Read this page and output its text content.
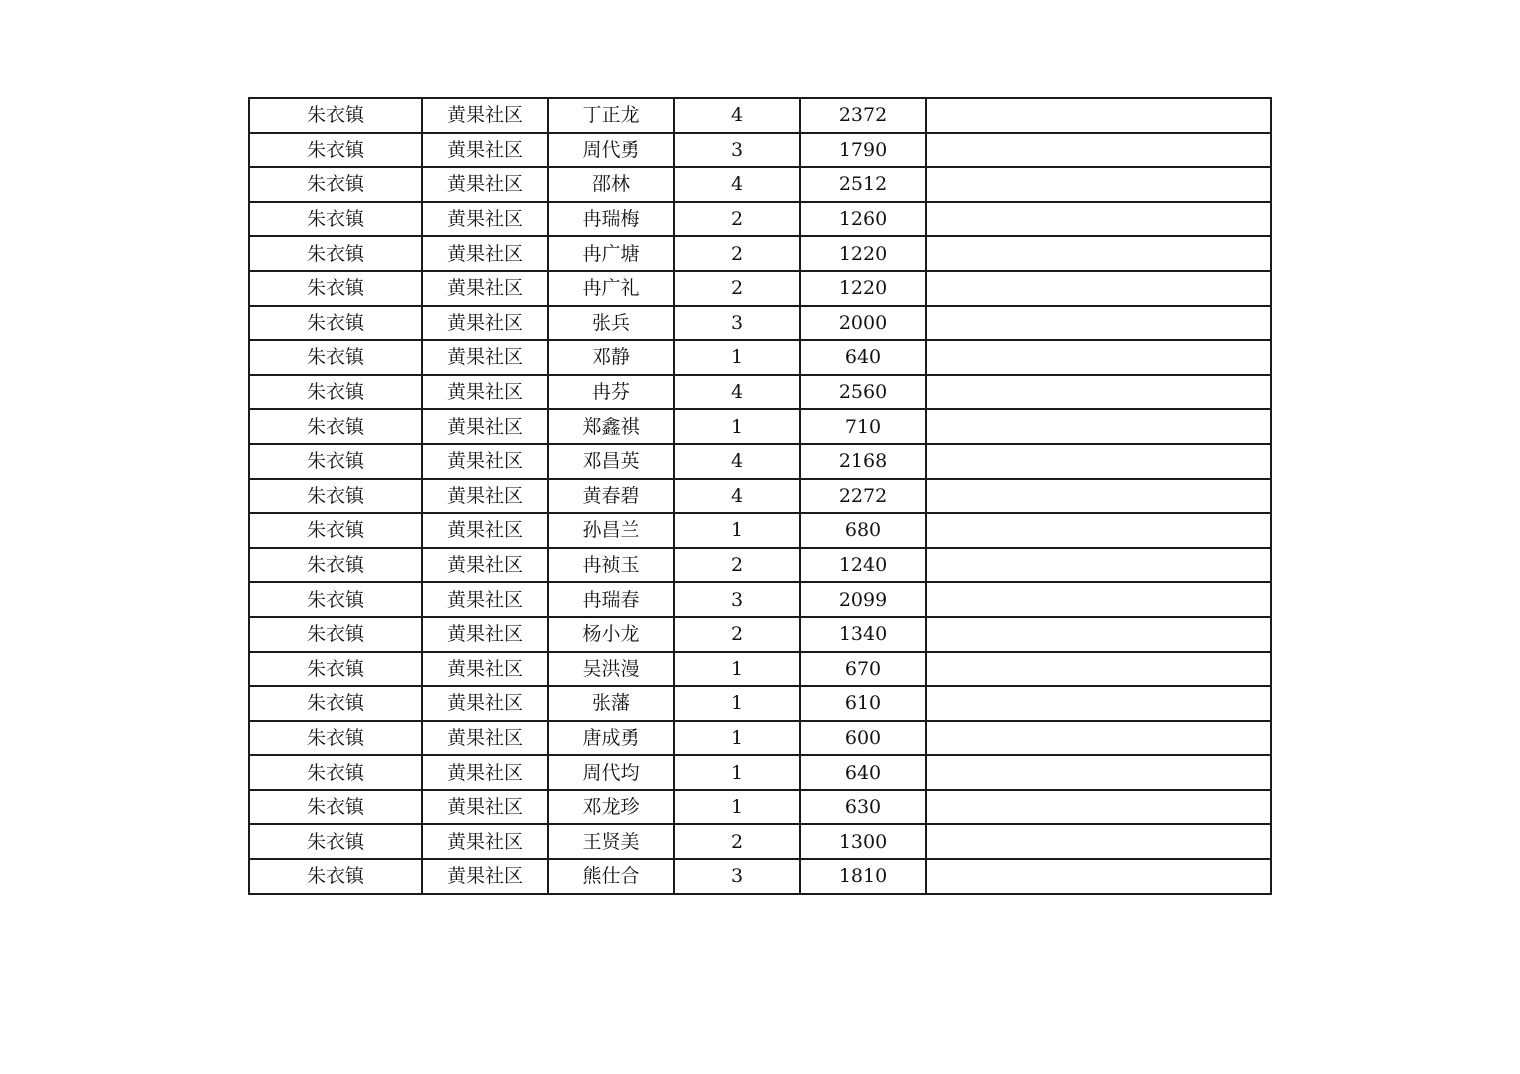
朱衣镇	黄果社区	丁正龙	4	2372	
朱衣镇	黄果社区	周代勇	3	1790	
朱衣镇	黄果社区	邵林	4	2512	
朱衣镇	黄果社区	冉瑞梅	2	1260	
朱衣镇	黄果社区	冉广塘	2	1220	
朱衣镇	黄果社区	冉广礼	2	1220	
朱衣镇	黄果社区	张兵	3	2000	
朱衣镇	黄果社区	邓静	1	640	
朱衣镇	黄果社区	冉芬	4	2560	
朱衣镇	黄果社区	郑鑫祺	1	710	
朱衣镇	黄果社区	邓昌英	4	2168	
朱衣镇	黄果社区	黄春碧	4	2272	
朱衣镇	黄果社区	孙昌兰	1	680	
朱衣镇	黄果社区	冉祯玉	2	1240	
朱衣镇	黄果社区	冉瑞春	3	2099	
朱衣镇	黄果社区	杨小龙	2	1340	
朱衣镇	黄果社区	吴洪漫	1	670	
朱衣镇	黄果社区	张藩	1	610	
朱衣镇	黄果社区	唐成勇	1	600	
朱衣镇	黄果社区	周代均	1	640	
朱衣镇	黄果社区	邓龙珍	1	630	
朱衣镇	黄果社区	王贤美	2	1300	
朱衣镇	黄果社区	熊仕合	3	1810	
